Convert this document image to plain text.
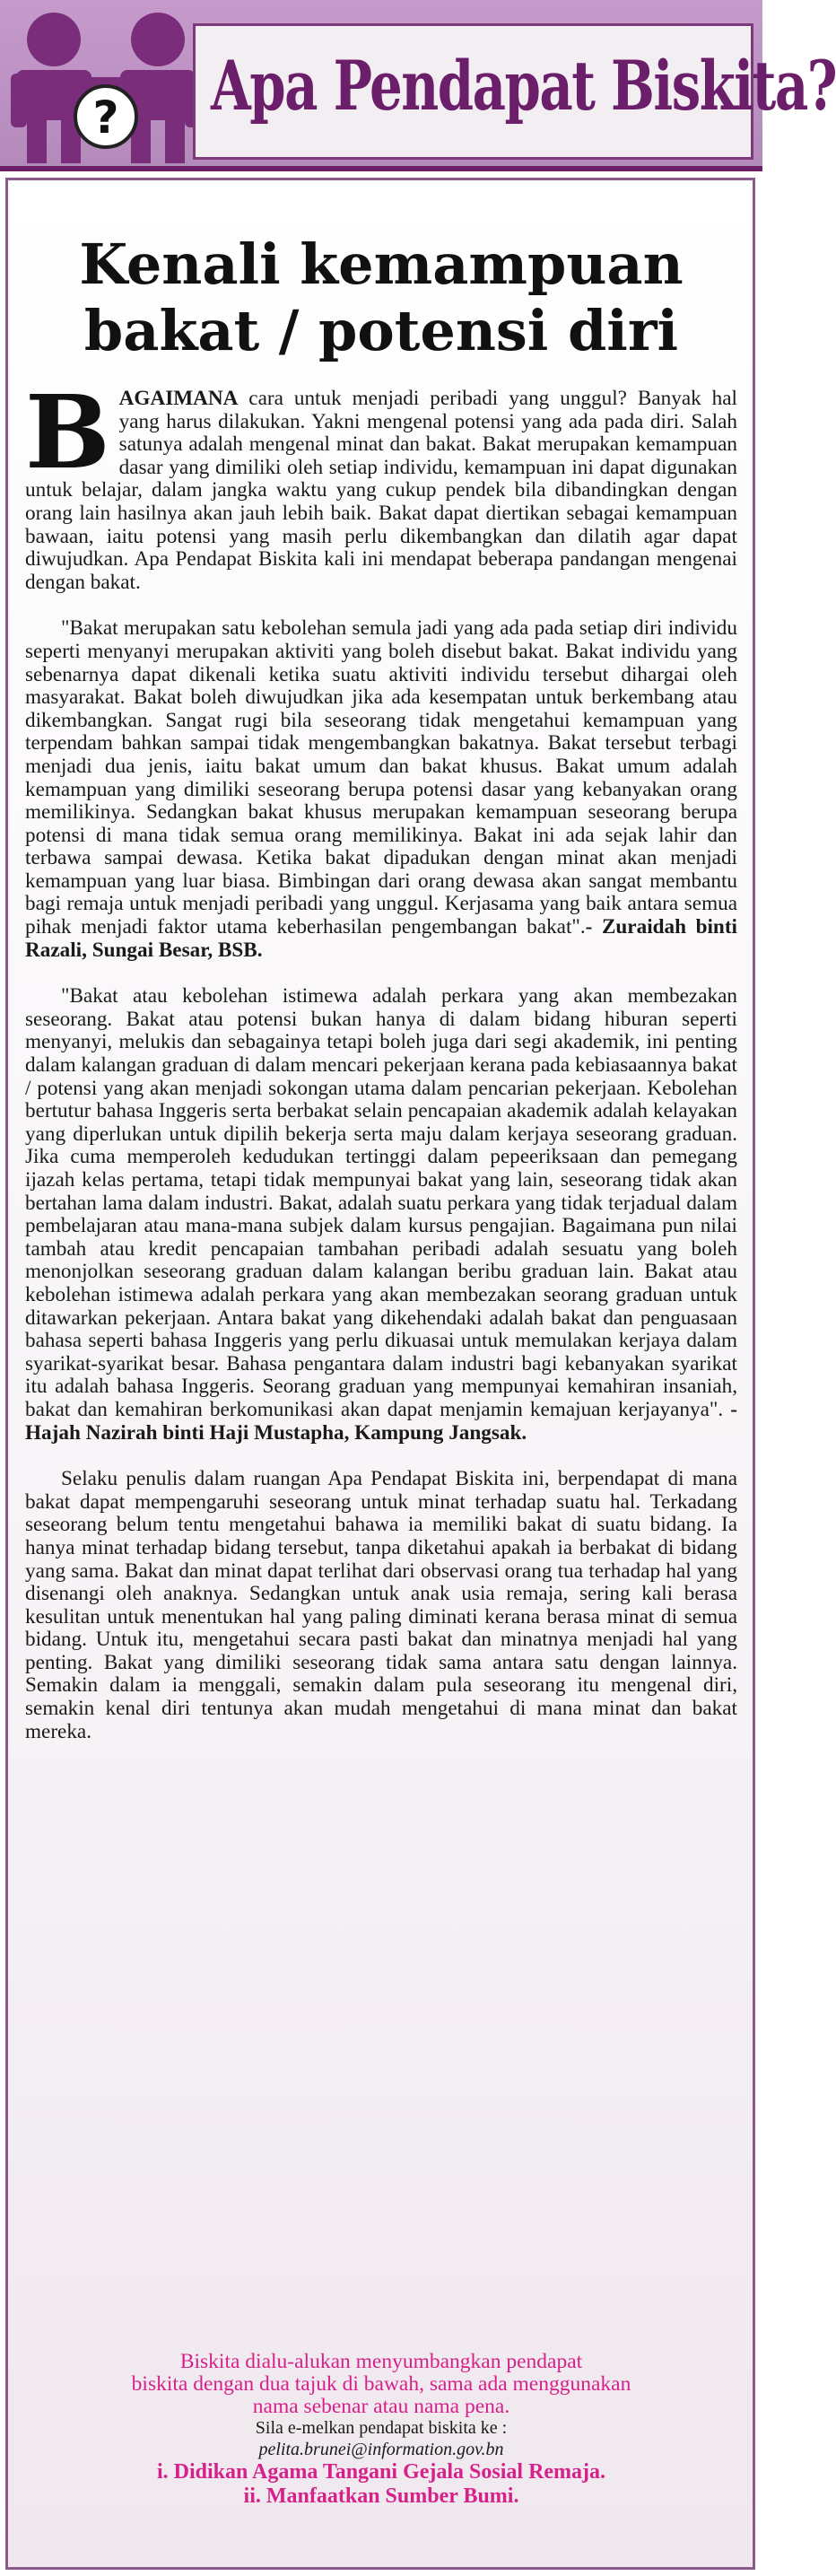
? Apa Pendapat Biskita?
Kenali kemampuan
bakat / potensi diri

BAGAIMANA cara untuk menjadi peribadi yang unggul? Banyak hal yang harus dilakukan. Yakni mengenal potensi yang ada pada diri. Salah satunya adalah mengenal minat dan bakat. Bakat merupakan kemampuan dasar yang dimiliki oleh setiap individu, kemampuan ini dapat digunakan untuk belajar, dalam jangka waktu yang cukup pendek bila dibandingkan dengan orang lain hasilnya akan jauh lebih baik. Bakat dapat diertikan sebagai kemampuan bawaan, iaitu potensi yang masih perlu dikembangkan dan dilatih agar dapat diwujudkan. Apa Pendapat Biskita kali ini mendapat beberapa pandangan mengenai dengan bakat.

"Bakat merupakan satu kebolehan semula jadi yang ada pada setiap diri individu seperti menyanyi merupakan aktiviti yang boleh disebut bakat. Bakat individu yang sebenarnya dapat dikenali ketika suatu aktiviti individu tersebut dihargai oleh masyarakat. Bakat boleh diwujudkan jika ada kesempatan untuk berkembang atau dikembangkan. Sangat rugi bila seseorang tidak mengetahui kemampuan yang terpendam bahkan sampai tidak mengembangkan bakatnya. Bakat tersebut terbagi menjadi dua jenis, iaitu bakat umum dan bakat khusus. Bakat umum adalah kemampuan yang dimiliki seseorang berupa potensi dasar yang kebanyakan orang memilikinya. Sedangkan bakat khusus merupakan kemampuan seseorang berupa potensi di mana tidak semua orang memilikinya. Bakat ini ada sejak lahir dan terbawa sampai dewasa. Ketika bakat dipadukan dengan minat akan menjadi kemampuan yang luar biasa. Bimbingan dari orang dewasa akan sangat membantu bagi remaja untuk menjadi peribadi yang unggul. Kerjasama yang baik antara semua pihak menjadi faktor utama keberhasilan pengembangan bakat".- Zuraidah binti Razali, Sungai Besar, BSB.

"Bakat atau kebolehan istimewa adalah perkara yang akan membezakan seseorang. Bakat atau potensi bukan hanya di dalam bidang hiburan seperti menyanyi, melukis dan sebagainya tetapi boleh juga dari segi akademik, ini penting dalam kalangan graduan di dalam mencari pekerjaan kerana pada kebiasaannya bakat / potensi yang akan menjadi sokongan utama dalam pencarian pekerjaan. Kebolehan bertutur bahasa Inggeris serta berbakat selain pencapaian akademik adalah kelayakan yang diperlukan untuk dipilih bekerja serta maju dalam kerjaya seseorang graduan. Jika cuma memperoleh kedudukan tertinggi dalam pepeeriksaan dan pemegang ijazah kelas pertama, tetapi tidak mempunyai bakat yang lain, seseorang tidak akan bertahan lama dalam industri. Bakat, adalah suatu perkara yang tidak terjadual dalam pembelajaran atau mana-mana subjek dalam kursus pengajian. Bagaimana pun nilai tambah atau kredit pencapaian tambahan peribadi adalah sesuatu yang boleh menonjolkan seseorang graduan dalam kalangan beribu graduan lain. Bakat atau kebolehan istimewa adalah perkara yang akan membezakan seorang graduan untuk ditawarkan pekerjaan. Antara bakat yang dikehendaki adalah bakat dan penguasaan bahasa seperti bahasa Inggeris yang perlu dikuasai untuk memulakan kerjaya dalam syarikat-syarikat besar. Bahasa pengantara dalam industri bagi kebanyakan syarikat itu adalah bahasa Inggeris. Seorang graduan yang mempunyai kemahiran insaniah, bakat dan kemahiran berkomunikasi akan dapat menjamin kemajuan kerjayanya". - Hajah Nazirah binti Haji Mustapha, Kampung Jangsak.

Selaku penulis dalam ruangan Apa Pendapat Biskita ini, berpendapat di mana bakat dapat mempengaruhi seseorang untuk minat terhadap suatu hal. Terkadang seseorang belum tentu mengetahui bahawa ia memiliki bakat di suatu bidang. Ia hanya minat terhadap bidang tersebut, tanpa diketahui apakah ia berbakat di bidang yang sama. Bakat dan minat dapat terlihat dari observasi orang tua terhadap hal yang disenangi oleh anaknya. Sedangkan untuk anak usia remaja, sering kali berasa kesulitan untuk menentukan hal yang paling diminati kerana berasa minat di semua bidang. Untuk itu, mengetahui secara pasti bakat dan minatnya menjadi hal yang penting. Bakat yang dimiliki seseorang tidak sama antara satu dengan lainnya. Semakin dalam ia menggali, semakin dalam pula seseorang itu mengenal diri, semakin kenal diri tentunya akan mudah mengetahui di mana minat dan bakat mereka.

Biskita dialu-alukan menyumbangkan pendapat
biskita dengan dua tajuk di bawah, sama ada menggunakan
nama sebenar atau nama pena.
Sila e-melkan pendapat biskita ke :
pelita.brunei@information.gov.bn
i. Didikan Agama Tangani Gejala Sosial Remaja.
ii. Manfaatkan Sumber Bumi.
